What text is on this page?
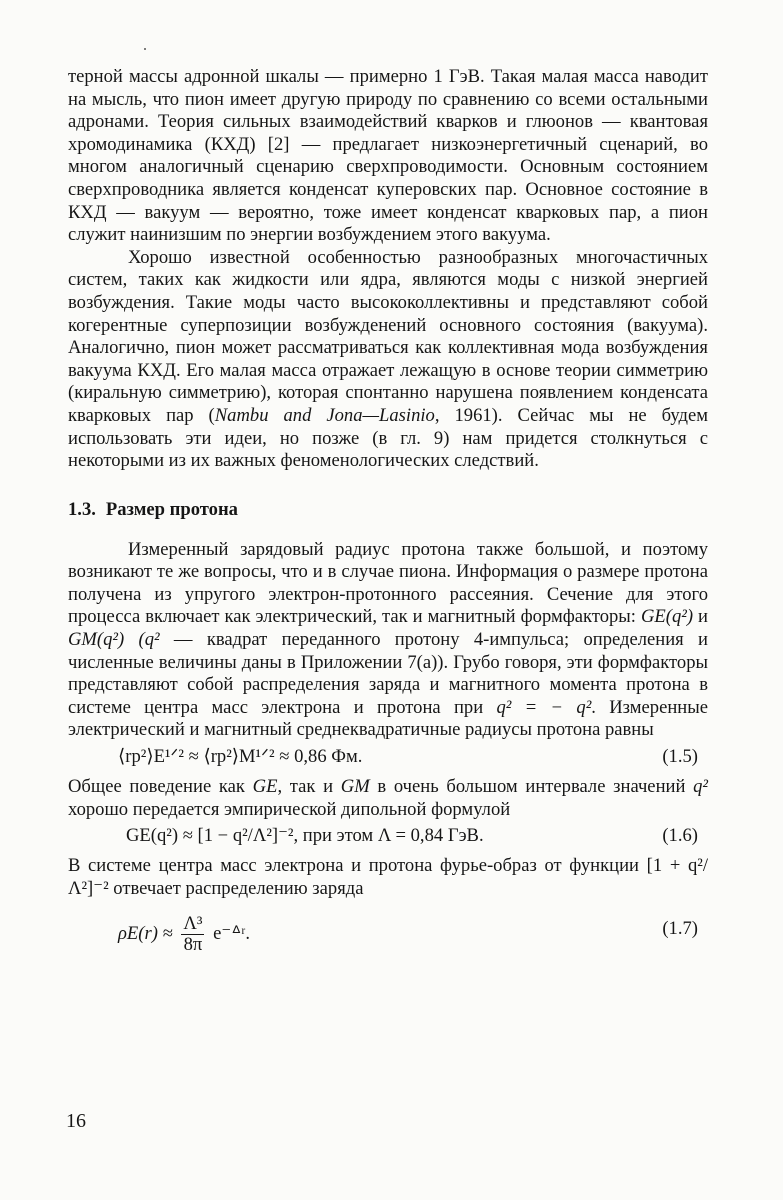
терной массы адронной шкалы — примерно 1 ГэВ. Такая малая масса наводит на мысль, что пион имеет другую природу по сравнению со всеми остальными адронами. Теория сильных взаимодействий кварков и глюонов — квантовая хромодинамика (КХД) [2] — предлагает низкоэнергетичный сценарий, во многом аналогичный сценарию сверхпроводимости. Основным состоянием сверхпроводника является конденсат куперовских пар. Основное состояние в КХД — вакуум — вероятно, тоже имеет конденсат кварковых пар, а пион служит наинизшим по энергии возбуждением этого вакуума.

Хорошо известной особенностью разнообразных многочастичных систем, таких как жидкости или ядра, являются моды с низкой энергией возбуждения. Такие моды часто высококоллективны и представляют собой когерентные суперпозиции возбужденений основного состояния (вакуума). Аналогично, пион может рассматриваться как коллективная мода возбуждения вакуума КХД. Его малая масса отражает лежащую в основе теории симметрию (киральную симметрию), которая спонтанно нарушена появлением конденсата кварковых пар (Nambu and Jona—Lasinio, 1961). Сейчас мы не будем использовать эти идеи, но позже (в гл. 9) нам придется столкнуться с некоторыми из их важных феноменологических следствий.

1.3. Размер протона

Измеренный зарядовый радиус протона также большой, и поэтому возникают те же вопросы, что и в случае пиона. Информация о размере протона получена из упругого электрон-протонного рассеяния. Сечение для этого процесса включает как электрический, так и магнитный формфакторы: GE(q²) и GM(q²) (q² — квадрат переданного протону 4-импульса; определения и численные величины даны в Приложении 7(а)). Грубо говоря, эти формфакторы представляют собой распределения заряда и магнитного момента протона в системе центра масс электрона и протона при q² = − q². Измеренные электрический и магнитный среднеквадратичные радиусы протона равны

⟨rp²⟩E¹ᐟ² ≈ ⟨rp²⟩M¹ᐟ² ≈ 0,86 Фм.	(1.5)

Общее поведение как GE, так и GM в очень большом интервале значений q² хорошо передается эмпирической дипольной формулой

GE(q²) ≈ [1 − q²/Λ²]⁻², при этом Λ = 0,84 ГэВ.	(1.6)

В системе центра масс электрона и протона фурье-образ от функции [1 + q²/Λ²]⁻² отвечает распределению заряда

$\rho E(r) \approx \frac{\text{Λ³}}{8\pi}$ e⁻ᐞʳ.	(1.7)
16
